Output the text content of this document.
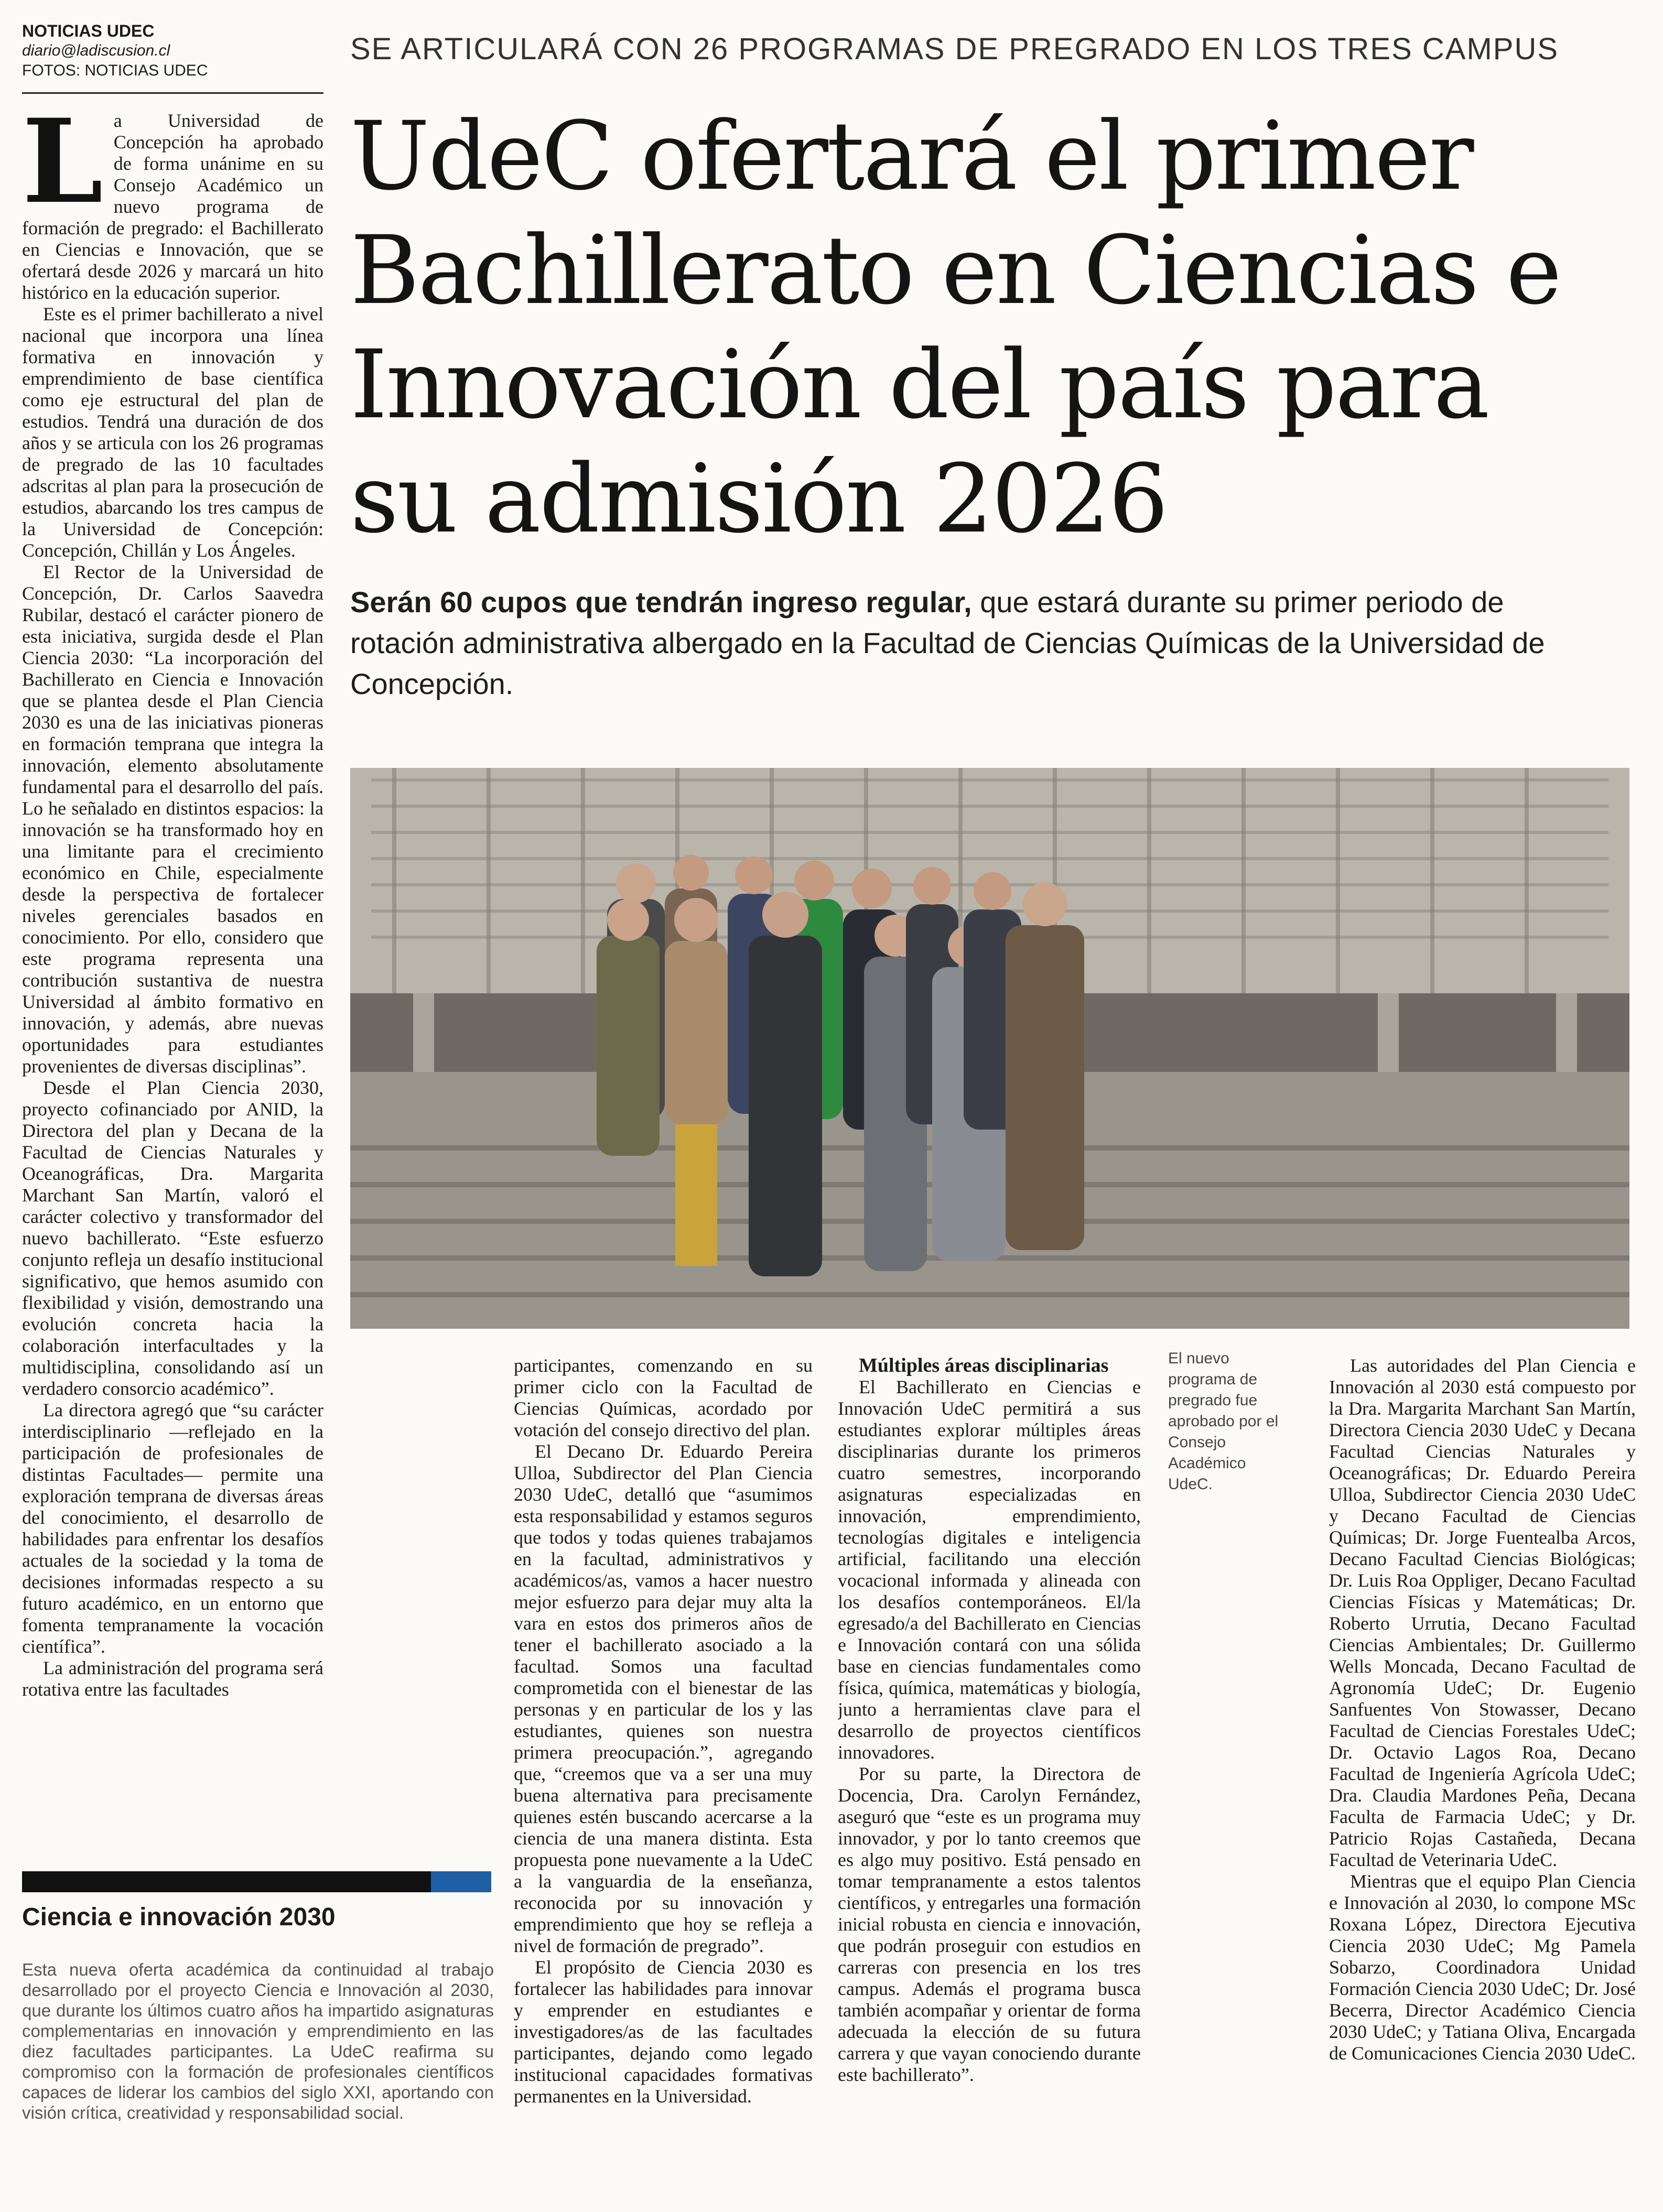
NOTICIAS UDEC
diario@ladiscusion.cl
FOTOS: NOTICIAS UDEC
SE ARTICULARÁ CON 26 PROGRAMAS DE PREGRADO EN LOS TRES CAMPUS
UdeC ofertará el primer Bachillerato en Ciencias e Innovación del país para su admisión 2026

Serán 60 cupos que tendrán ingreso regular, que estará durante su primer periodo de rotación administrativa albergado en la Facultad de Ciencias Químicas de la Universidad de Concepción.

El nuevo programa de pregrado fue aprobado por el Consejo Académico UdeC.

La Universidad de Concepción ha aprobado de forma unánime en su Consejo Académico un nuevo programa de formación de pregrado: el Bachillerato en Ciencias e Innovación, que se ofertará desde 2026 y marcará un hito histórico en la educación superior.

Este es el primer bachillerato a nivel nacional que incorpora una línea formativa en innovación y emprendimiento de base científica como eje estructural del plan de estudios. Tendrá una duración de dos años y se articula con los 26 programas de pregrado de las 10 facultades adscritas al plan para la prosecución de estudios, abarcando los tres campus de la Universidad de Concepción: Concepción, Chillán y Los Ángeles.

El Rector de la Universidad de Concepción, Dr. Carlos Saavedra Rubilar, destacó el carácter pionero de esta iniciativa, surgida desde el Plan Ciencia 2030: “La incorporación del Bachillerato en Ciencia e Innovación que se plantea desde el Plan Ciencia 2030 es una de las iniciativas pioneras en formación temprana que integra la innovación, elemento absolutamente fundamental para el desarrollo del país. Lo he señalado en distintos espacios: la innovación se ha transformado hoy en una limitante para el crecimiento económico en Chile, especialmente desde la perspectiva de fortalecer niveles gerenciales basados en conocimiento. Por ello, considero que este programa representa una contribución sustantiva de nuestra Universidad al ámbito formativo en innovación, y además, abre nuevas oportunidades para estudiantes provenientes de diversas disciplinas”.

Desde el Plan Ciencia 2030, proyecto cofinanciado por ANID, la Directora del plan y Decana de la Facultad de Ciencias Naturales y Oceanográficas, Dra. Margarita Marchant San Martín, valoró el carácter colectivo y transformador del nuevo bachillerato. “Este esfuerzo conjunto refleja un desafío institucional significativo, que hemos asumido con flexibilidad y visión, demostrando una evolución concreta hacia la colaboración interfacultades y la multidisciplina, consolidando así un verdadero consorcio académico”.

La directora agregó que “su carácter interdisciplinario —reflejado en la participación de profesionales de distintas Facultades— permite una exploración temprana de diversas áreas del conocimiento, el desarrollo de habilidades para enfrentar los desafíos actuales de la sociedad y la toma de decisiones informadas respecto a su futuro académico, en un entorno que fomenta tempranamente la vocación científica”.

La administración del programa será rotativa entre las facultades

participantes, comenzando en su primer ciclo con la Facultad de Ciencias Químicas, acordado por votación del consejo directivo del plan.

El Decano Dr. Eduardo Pereira Ulloa, Subdirector del Plan Ciencia 2030 UdeC, detalló que “asumimos esta responsabilidad y estamos seguros que todos y todas quienes trabajamos en la facultad, administrativos y académicos/as, vamos a hacer nuestro mejor esfuerzo para dejar muy alta la vara en estos dos primeros años de tener el bachillerato asociado a la facultad. Somos una facultad comprometida con el bienestar de las personas y en particular de los y las estudiantes, quienes son nuestra primera preocupación.”, agregando que, “creemos que va a ser una muy buena alternativa para precisamente quienes estén buscando acercarse a la ciencia de una manera distinta. Esta propuesta pone nuevamente a la UdeC a la vanguardia de la enseñanza, reconocida por su innovación y emprendimiento que hoy se refleja a nivel de formación de pregrado”.

El propósito de Ciencia 2030 es fortalecer las habilidades para innovar y emprender en estudiantes e investigadores/as de las facultades participantes, dejando como legado institucional capacidades formativas permanentes en la Universidad.

Múltiples áreas disciplinarias

El Bachillerato en Ciencias e Innovación UdeC permitirá a sus estudiantes explorar múltiples áreas disciplinarias durante los primeros cuatro semestres, incorporando asignaturas especializadas en innovación, emprendimiento, tecnologías digitales e inteligencia artificial, facilitando una elección vocacional informada y alineada con los desafíos contemporáneos. El/la egresado/a del Bachillerato en Ciencias e Innovación contará con una sólida base en ciencias fundamentales como física, química, matemáticas y biología, junto a herramientas clave para el desarrollo de proyectos científicos innovadores.

Por su parte, la Directora de Docencia, Dra. Carolyn Fernández, aseguró que “este es un programa muy innovador, y por lo tanto creemos que es algo muy positivo. Está pensado en tomar tempranamente a estos talentos científicos, y entregarles una formación inicial robusta en ciencia e innovación, que podrán proseguir con estudios en carreras con presencia en los tres campus. Además el programa busca también acompañar y orientar de forma adecuada la elección de su futura carrera y que vayan conociendo durante este bachillerato”.

Las autoridades del Plan Ciencia e Innovación al 2030 está compuesto por la Dra. Margarita Marchant San Martín, Directora Ciencia 2030 UdeC y Decana Facultad Ciencias Naturales y Oceanográficas; Dr. Eduardo Pereira Ulloa, Subdirector Ciencia 2030 UdeC y Decano Facultad de Ciencias Químicas; Dr. Jorge Fuentealba Arcos, Decano Facultad Ciencias Biológicas; Dr. Luis Roa Oppliger, Decano Facultad Ciencias Físicas y Matemáticas; Dr. Roberto Urrutia, Decano Facultad Ciencias Ambientales; Dr. Guillermo Wells Moncada, Decano Facultad de Agronomía UdeC; Dr. Eugenio Sanfuentes Von Stowasser, Decano Facultad de Ciencias Forestales UdeC; Dr. Octavio Lagos Roa, Decano Facultad de Ingeniería Agrícola UdeC; Dra. Claudia Mardones Peña, Decana Faculta de Farmacia UdeC; y Dr. Patricio Rojas Castañeda, Decana Facultad de Veterinaria UdeC.

Mientras que el equipo Plan Ciencia e Innovación al 2030, lo compone MSc Roxana López, Directora Ejecutiva Ciencia 2030 UdeC; Mg Pamela Sobarzo, Coordinadora Unidad Formación Ciencia 2030 UdeC; Dr. José Becerra, Director Académico Ciencia 2030 UdeC; y Tatiana Oliva, Encargada de Comunicaciones Ciencia 2030 UdeC.

Ciencia e innovación 2030
Esta nueva oferta académica da continuidad al trabajo desarrollado por el proyecto Ciencia e Innovación al 2030, que durante los últimos cuatro años ha impartido asignaturas complementarias en innovación y emprendimiento en las diez facultades participantes. La UdeC reafirma su compromiso con la formación de profesionales científicos capaces de liderar los cambios del siglo XXI, aportando con visión crítica, creatividad y responsabilidad social.
